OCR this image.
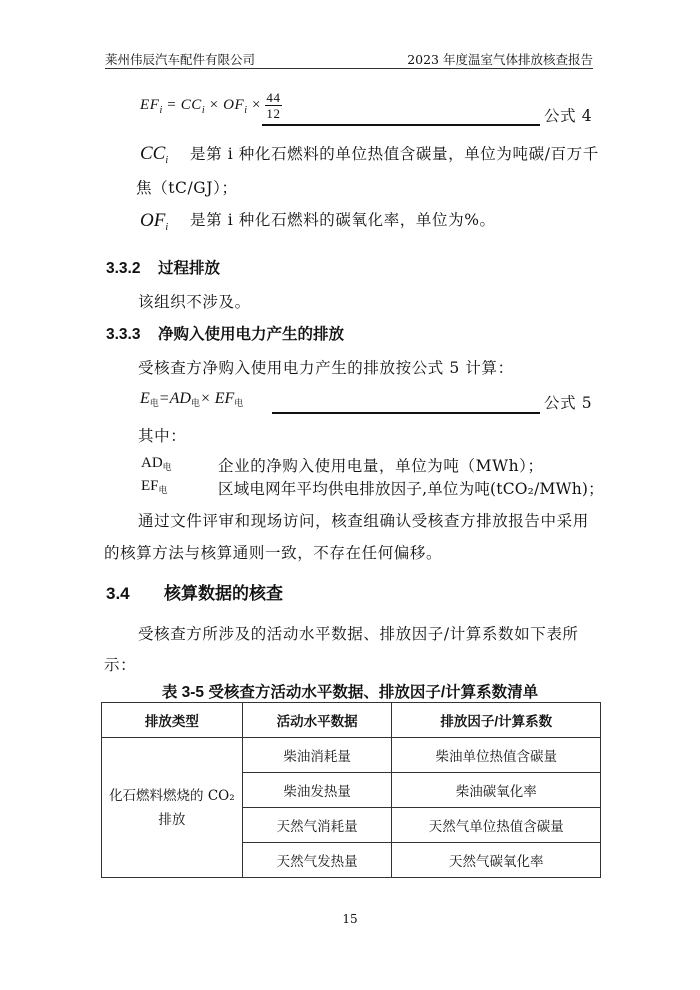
莱州伟辰汽车配件有限公司	2023 年度温室气体排放核查报告
$EF_i = CC_i \times OF_i \times \frac{44}{12}$	公式 4
$CC_i$ 是第 i 种化石燃料的单位热值含碳量，单位为吨碳/百万千
焦（tC/GJ）；
$OF_i$ 是第 i 种化石燃料的碳氧化率，单位为%。
3.3.2 过程排放
该组织不涉及。
3.3.3 净购入使用电力产生的排放
受核查方净购入使用电力产生的排放按公式 5 计算：
$E_电=AD_电\times EF_电$	公式 5
其中：
$AD_电$	企业的净购入使用电量，单位为吨（MWh）；
$EF_电$	区域电网年平均供电排放因子,单位为吨(tCO₂/MWh)；
通过文件评审和现场访问，核查组确认受核查方排放报告中采用
的核算方法与核算通则一致，不存在任何偏移。
3.4 核算数据的核查
受核查方所涉及的活动水平数据、排放因子/计算系数如下表所
示：
表 3-5 受核查方活动水平数据、排放因子/计算系数清单
排放类型	活动水平数据	排放因子/计算系数
化石燃料燃烧的 CO₂
排放	柴油消耗量	柴油单位热值含碳量
	柴油发热量	柴油碳氧化率
	天然气消耗量	天然气单位热值含碳量
	天然气发热量	天然气碳氧化率
15
